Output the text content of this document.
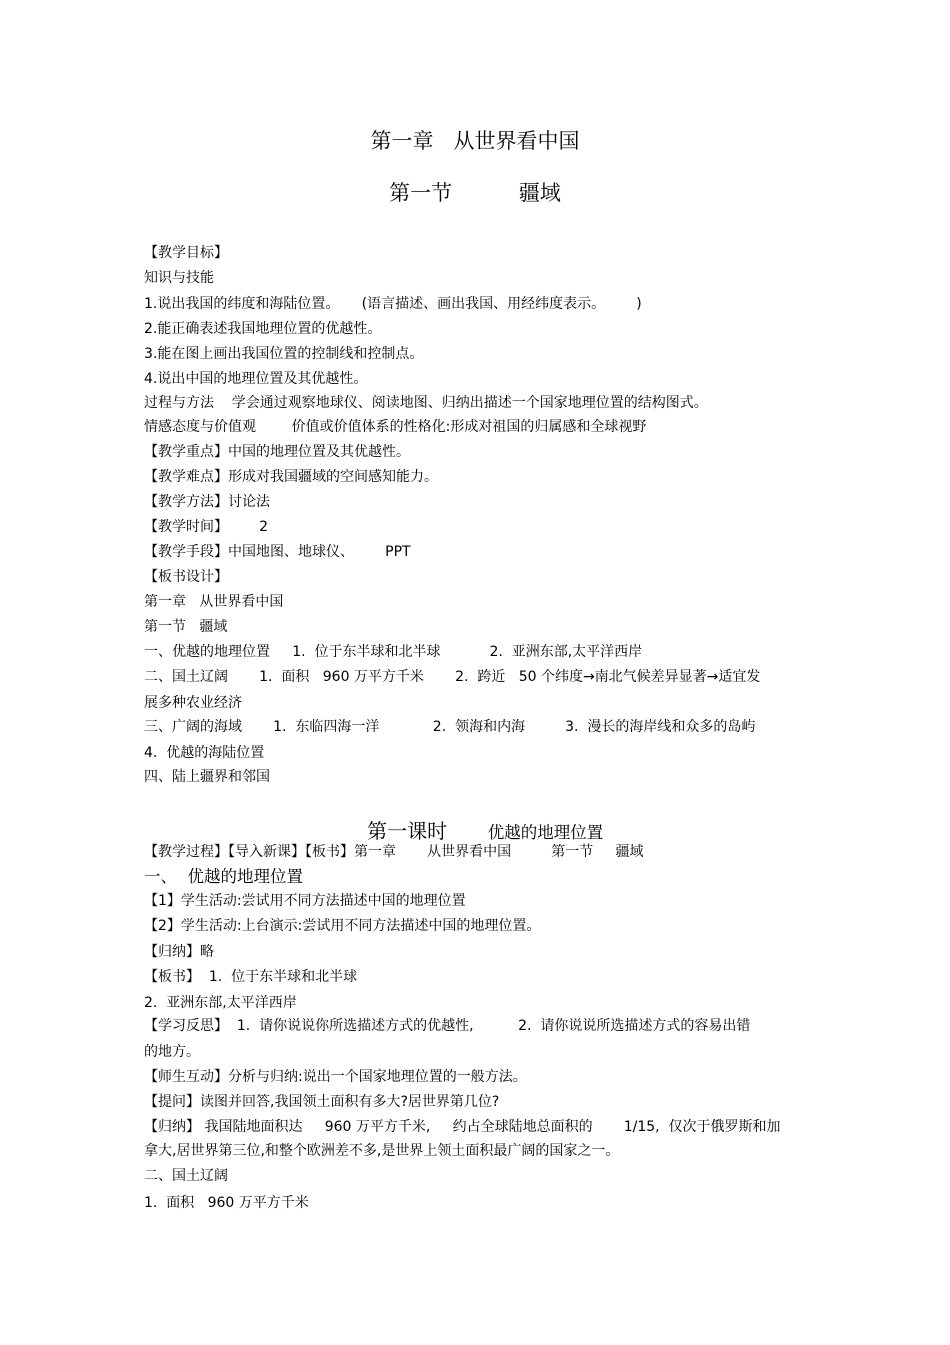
第一章   从世界看中国
第一节          疆域
【教学目标】
知识与技能
1.说出我国的纬度和海陆位置。     (语言描述、画出我国、用经纬度表示。       )
2.能正确表述我国地理位置的优越性。
3.能在图上画出我国位置的控制线和控制点。
4.说出中国的地理位置及其优越性。
过程与方法    学会通过观察地球仪、阅读地图、归纳出描述一个国家地理位置的结构图式。
情感态度与价值观        价值或价值体系的性格化:形成对祖国的归属感和全球视野
【教学重点】中国的地理位置及其优越性。
【教学难点】形成对我国疆域的空间感知能力。
【教学方法】讨论法
【教学时间】       2
【教学手段】中国地图、地球仪、       PPT
【板书设计】
第一章   从世界看中国
第一节   疆域
一、优越的地理位置     1.  位于东半球和北半球           2.  亚洲东部,太平洋西岸
二、国土辽阔       1.  面积   960 万平方千米       2.  跨近   50 个纬度→南北气候差异显著→适宜发
展多种农业经济
三、广阔的海域       1.  东临四海一洋            2.  领海和内海         3.  漫长的海岸线和众多的岛屿
4.  优越的海陆位置
四、陆上疆界和邻国

第一课时 优越的地理位置

【教学过程】【导入新课】【板书】第一章       从世界看中国         第一节     疆域
一、  优越的地理位置
【1】学生活动:尝试用不同方法描述中国的地理位置
【2】学生活动:上台演示:尝试用不同方法描述中国的地理位置。
【归纳】略
【板书】  1.  位于东半球和北半球
2.  亚洲东部,太平洋西岸
【学习反思】  1.  请你说说你所选描述方式的优越性,          2.  请你说说所选描述方式的容易出错
的地方。
【师生互动】分析与归纳:说出一个国家地理位置的一般方法。
【提问】读图并回答,我国领土面积有多大?居世界第几位?
【归纳】 我国陆地面积达     960 万平方千米,     约占全球陆地总面积的       1/15,  仅次于俄罗斯和加
拿大,居世界第三位,和整个欧洲差不多,是世界上领土面积最广阔的国家之一。
二、国土辽阔
1.  面积   960 万平方千米
